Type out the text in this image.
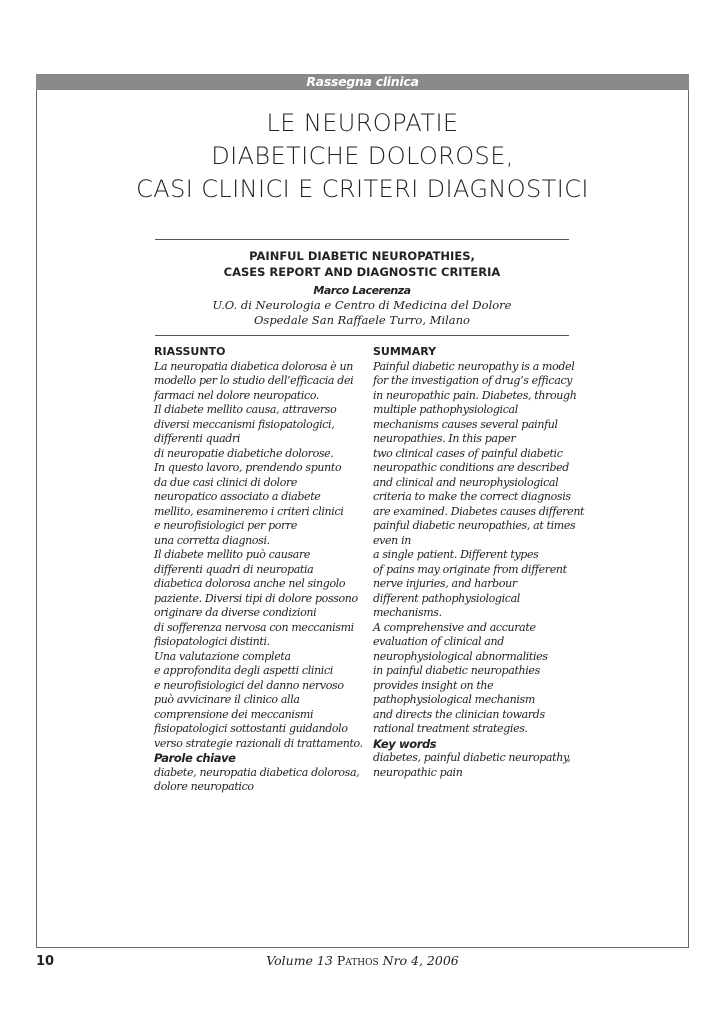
Rassegna clinica
LE NEUROPATIE
DIABETICHE DOLOROSE,
CASI CLINICI E CRITERI DIAGNOSTICI
PAINFUL DIABETIC NEUROPATHIES,
CASES REPORT AND DIAGNOSTIC CRITERIA
Marco Lacerenza
U.O. di Neurologia e Centro di Medicina del Dolore
Ospedale San Raffaele Turro, Milano
RIASSUNTO
La neuropatia diabetica dolorosa è un
modello per lo studio dell’efficacia dei
farmaci nel dolore neuropatico.
Il diabete mellito causa, attraverso
diversi meccanismi fisiopatologici,
differenti quadri
di neuropatie diabetiche dolorose.
In questo lavoro, prendendo spunto
da due casi clinici di dolore
neuropatico associato a diabete
mellito, esamineremo i criteri clinici
e neurofisiologici per porre
una corretta diagnosi.
Il diabete mellito può causare
differenti quadri di neuropatia
diabetica dolorosa anche nel singolo
paziente. Diversi tipi di dolore possono
originare da diverse condizioni
di sofferenza nervosa con meccanismi
fisiopatologici distinti.
Una valutazione completa
e approfondita degli aspetti clinici
e neurofisiologici del danno nervoso
può avvicinare il clinico alla
comprensione dei meccanismi
fisiopatologici sottostanti guidandolo
verso strategie razionali di trattamento.
Parole chiave
diabete, neuropatia diabetica dolorosa,
dolore neuropatico
SUMMARY
Painful diabetic neuropathy is a model
for the investigation of drug’s efficacy
in neuropathic pain. Diabetes, through
multiple pathophysiological
mechanisms causes several painful
neuropathies. In this paper
two clinical cases of painful diabetic
neuropathic conditions are described
and clinical and neurophysiological
criteria to make the correct diagnosis
are examined. Diabetes causes different
painful diabetic neuropathies, at times
even in
a single patient. Different types
of pains may originate from different
nerve injuries, and harbour
different pathophysiological
mechanisms.
A comprehensive and accurate
evaluation of clinical and
neurophysiological abnormalities
in painful diabetic neuropathies
provides insight on the
pathophysiological mechanism
and directs the clinician towards
rational treatment strategies.
Key words
diabetes, painful diabetic neuropathy,
neuropathic pain
10	Volume 13 Pathos Nro 4, 2006
